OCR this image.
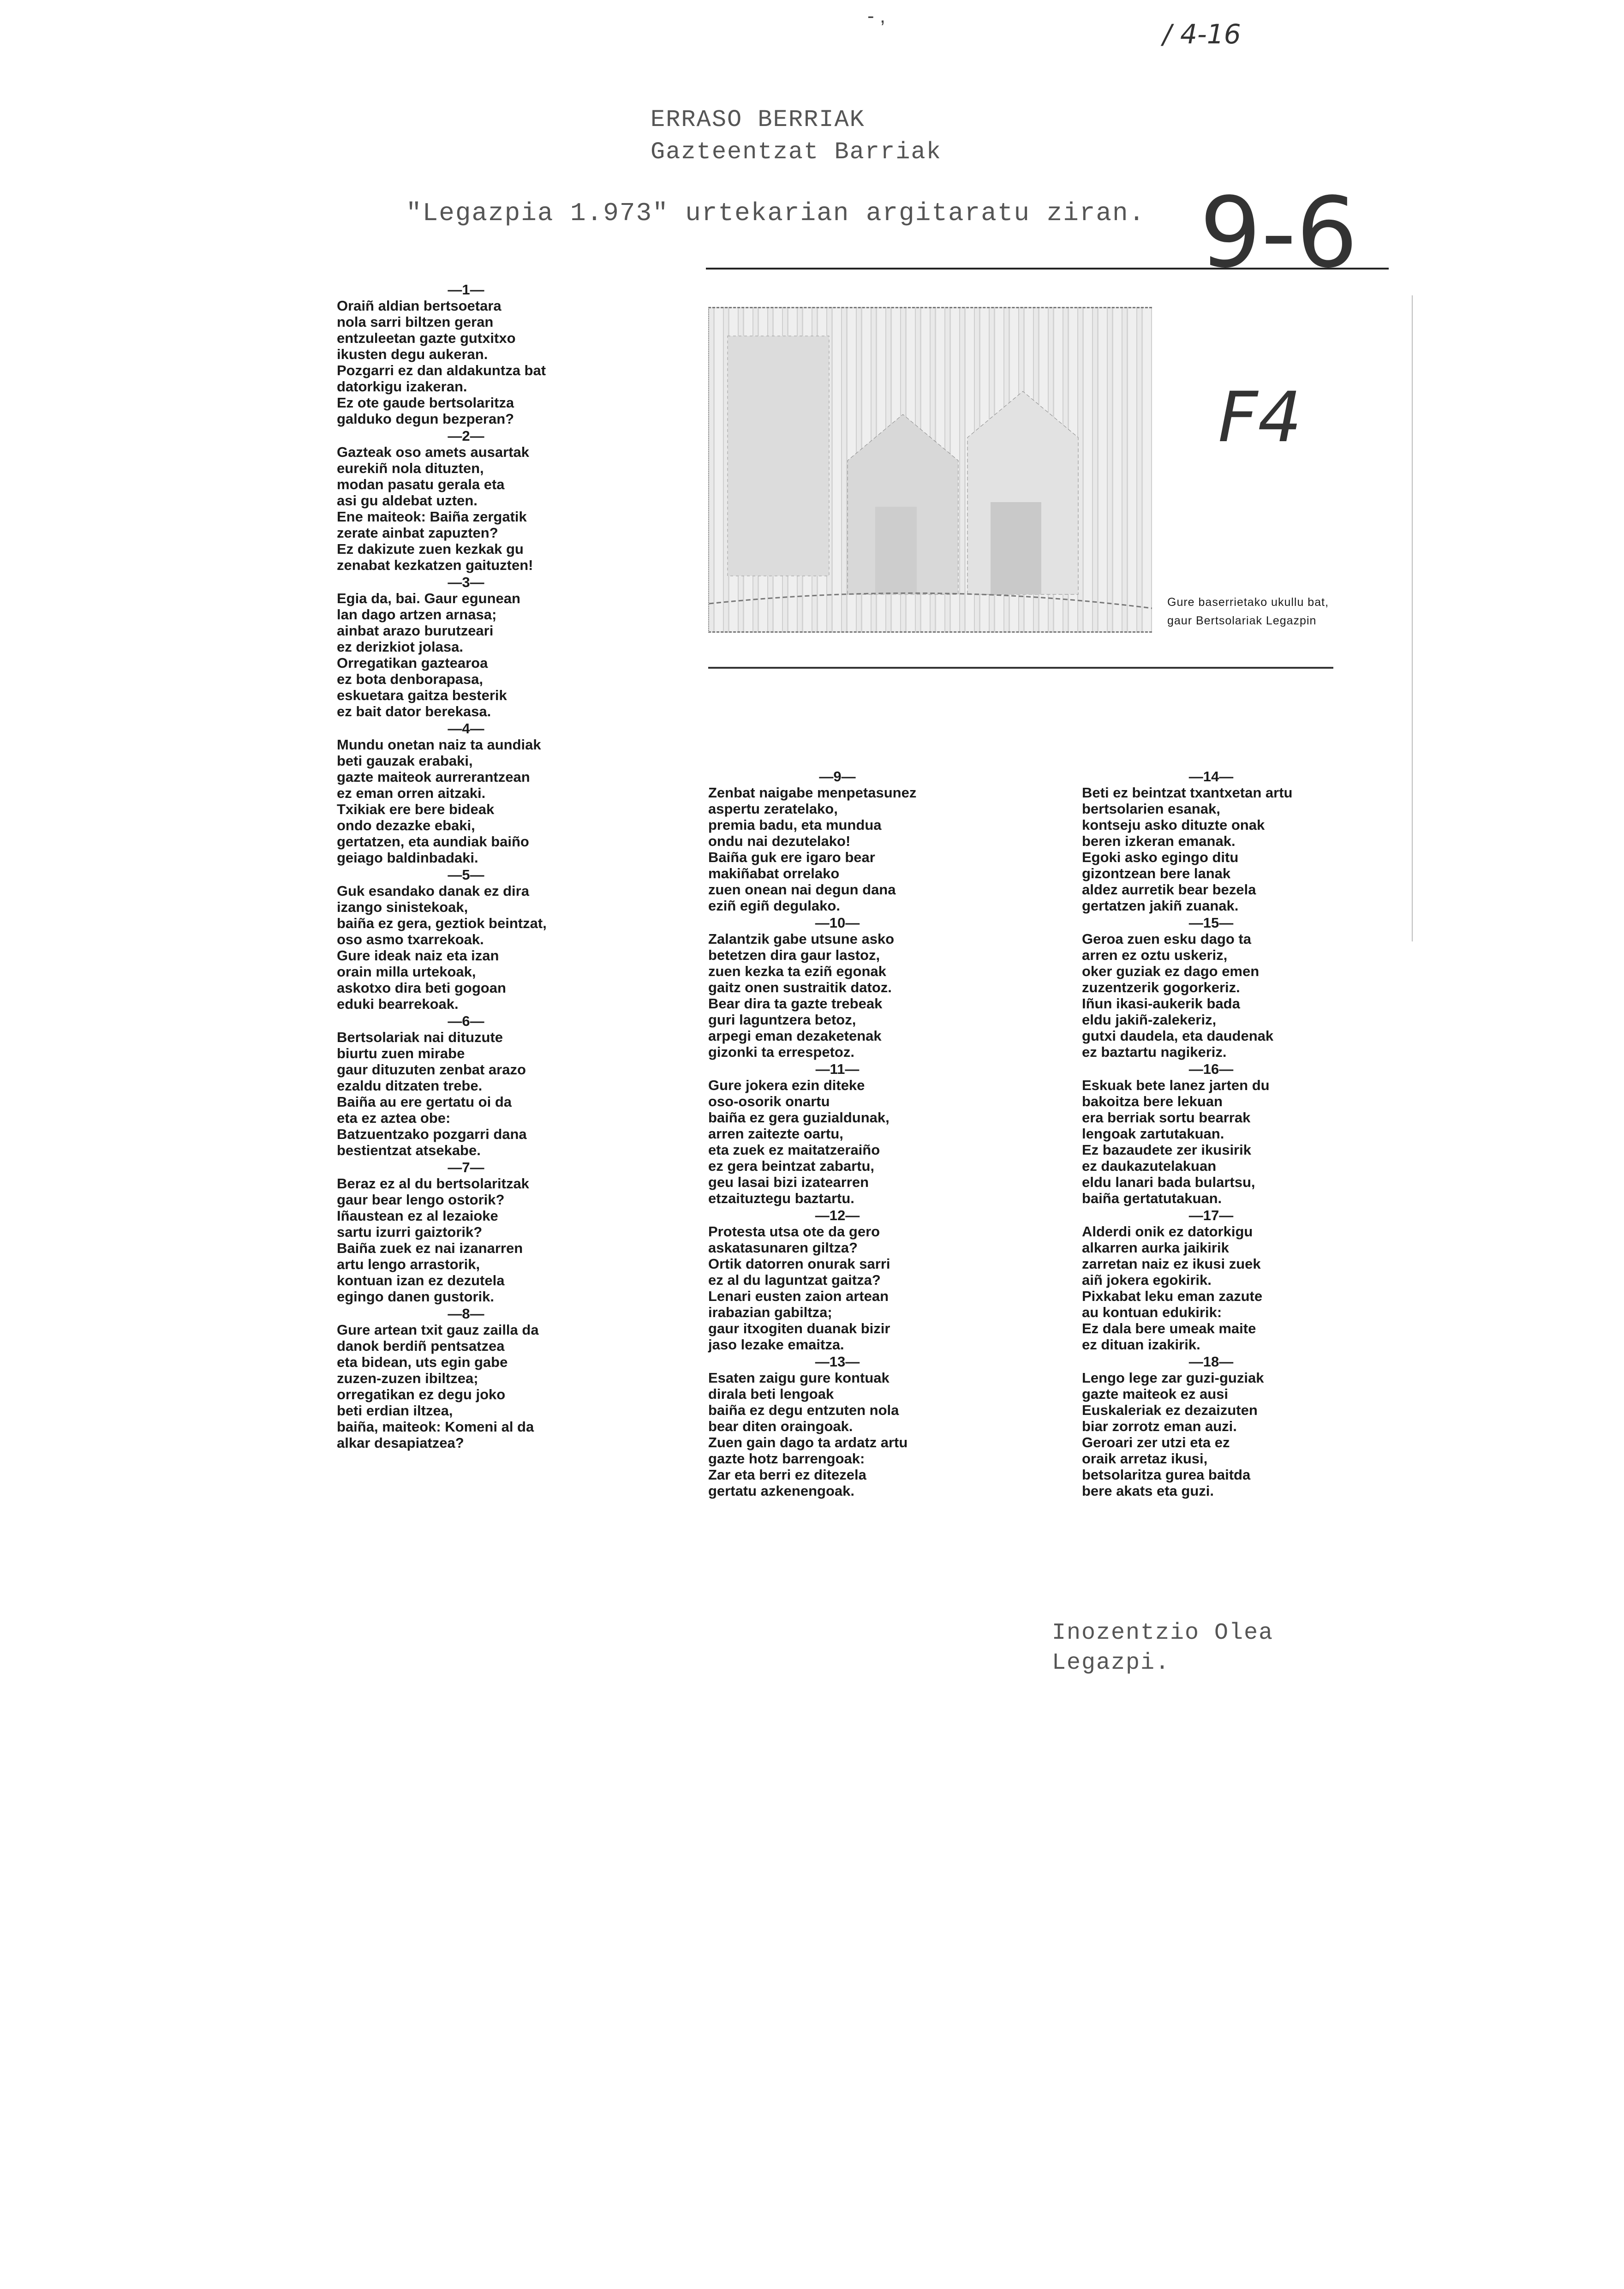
- ,
/ 4-16
ERRASO BERRIAK
Gazteentzat Barriak
"Legazpia 1.973" urtekarian argitaratu ziran. 9-6
F4
Gure baserrietako ukullu bat,
gaur Bertsolariak Legazpin
—1—
Oraiñ aldian bertsoetara
nola sarri biltzen geran
entzuleetan gazte gutxitxo
ikusten degu aukeran.
Pozgarri ez dan aldakuntza bat
datorkigu izakeran.
Ez ote gaude bertsolaritza
galduko degun bezperan?
—2—
Gazteak oso amets ausartak
eurekiñ nola dituzten,
modan pasatu gerala eta
asi gu aldebat uzten.
Ene maiteok: Baiña zergatik
zerate ainbat zapuzten?
Ez dakizute zuen kezkak gu
zenabat kezkatzen gaituzten!
—3—
Egia da, bai. Gaur egunean
lan dago artzen arnasa;
ainbat arazo burutzeari
ez derizkiot jolasa.
Orregatikan gaztearoa
ez bota denborapasa,
eskuetara gaitza besterik
ez bait dator berekasa.
—4—
Mundu onetan naiz ta aundiak
beti gauzak erabaki,
gazte maiteok aurrerantzean
ez eman orren aitzaki.
Txikiak ere bere bideak
ondo dezazke ebaki,
gertatzen, eta aundiak baiño
geiago baldinbadaki.
—5—
Guk esandako danak ez dira
izango sinistekoak,
baiña ez gera, geztiok beintzat,
oso asmo txarrekoak.
Gure ideak naiz eta izan
orain milla urtekoak,
askotxo dira beti gogoan
eduki bearrekoak.
—6—
Bertsolariak nai dituzute
biurtu zuen mirabe
gaur dituzuten zenbat arazo
ezaldu ditzaten trebe.
Baiña au ere gertatu oi da
eta ez aztea obe:
Batzuentzako pozgarri dana
bestientzat atsekabe.
—7—
Beraz ez al du bertsolaritzak
gaur bear lengo ostorik?
Iñaustean ez al lezaioke
sartu izurri gaiztorik?
Baiña zuek ez nai izanarren
artu lengo arrastorik,
kontuan izan ez dezutela
egingo danen gustorik.
—8—
Gure artean txit gauz zailla da
danok berdiñ pentsatzea
eta bidean, uts egin gabe
zuzen-zuzen ibiltzea;
orregatikan ez degu joko
beti erdian iltzea,
baiña, maiteok: Komeni al da
alkar desapiatzea?
—9—
Zenbat naigabe menpetasunez
aspertu zeratelako,
premia badu, eta mundua
ondu nai dezutelako!
Baiña guk ere igaro bear
makiñabat orrelako
zuen onean nai degun dana
eziñ egiñ degulako.
—10—
Zalantzik gabe utsune asko
betetzen dira gaur lastoz,
zuen kezka ta eziñ egonak
gaitz onen sustraitik datoz.
Bear dira ta gazte trebeak
guri laguntzera betoz,
arpegi eman dezaketenak
gizonki ta errespetoz.
—11—
Gure jokera ezin diteke
oso-osorik onartu
baiña ez gera guzialdunak,
arren zaitezte oartu,
eta zuek ez maitatzeraiño
ez gera beintzat zabartu,
geu lasai bizi izatearren
etzaituztegu baztartu.
—12—
Protesta utsa ote da gero
askatasunaren giltza?
Ortik datorren onurak sarri
ez al du laguntzat gaitza?
Lenari eusten zaion artean
irabazian gabiltza;
gaur itxogiten duanak bizir
jaso lezake emaitza.
—13—
Esaten zaigu gure kontuak
dirala beti lengoak
baiña ez degu entzuten nola
bear diten oraingoak.
Zuen gain dago ta ardatz artu
gazte hotz barrengoak:
Zar eta berri ez ditezela
gertatu azkenengoak.
—14—
Beti ez beintzat txantxetan artu
bertsolarien esanak,
kontseju asko dituzte onak
beren izkeran emanak.
Egoki asko egingo ditu
gizontzean bere lanak
aldez aurretik bear bezela
gertatzen jakiñ zuanak.
—15—
Geroa zuen esku dago ta
arren ez oztu uskeriz,
oker guziak ez dago emen
zuzentzerik gogorkeriz.
Iñun ikasi-aukerik bada
eldu jakiñ-zalekeriz,
gutxi daudela, eta daudenak
ez baztartu nagikeriz.
—16—
Eskuak bete lanez jarten du
bakoitza bere lekuan
era berriak sortu bearrak
lengoak zartutakuan.
Ez bazaudete zer ikusirik
ez daukazutelakuan
eldu lanari bada bulartsu,
baiña gertatutakuan.
—17—
Alderdi onik ez datorkigu
alkarren aurka jaikirik
zarretan naiz ez ikusi zuek
aiñ jokera egokirik.
Pixkabat leku eman zazute
au kontuan edukirik:
Ez dala bere umeak maite
ez dituan izakirik.
—18—
Lengo lege zar guzi-guziak
gazte maiteok ez ausi
Euskaleriak ez dezaizuten
biar zorrotz eman auzi.
Geroari zer utzi eta ez
oraik arretaz ikusi,
betsolaritza gurea baitda
bere akats eta guzi.
Inozentzio Olea
Legazpi.
